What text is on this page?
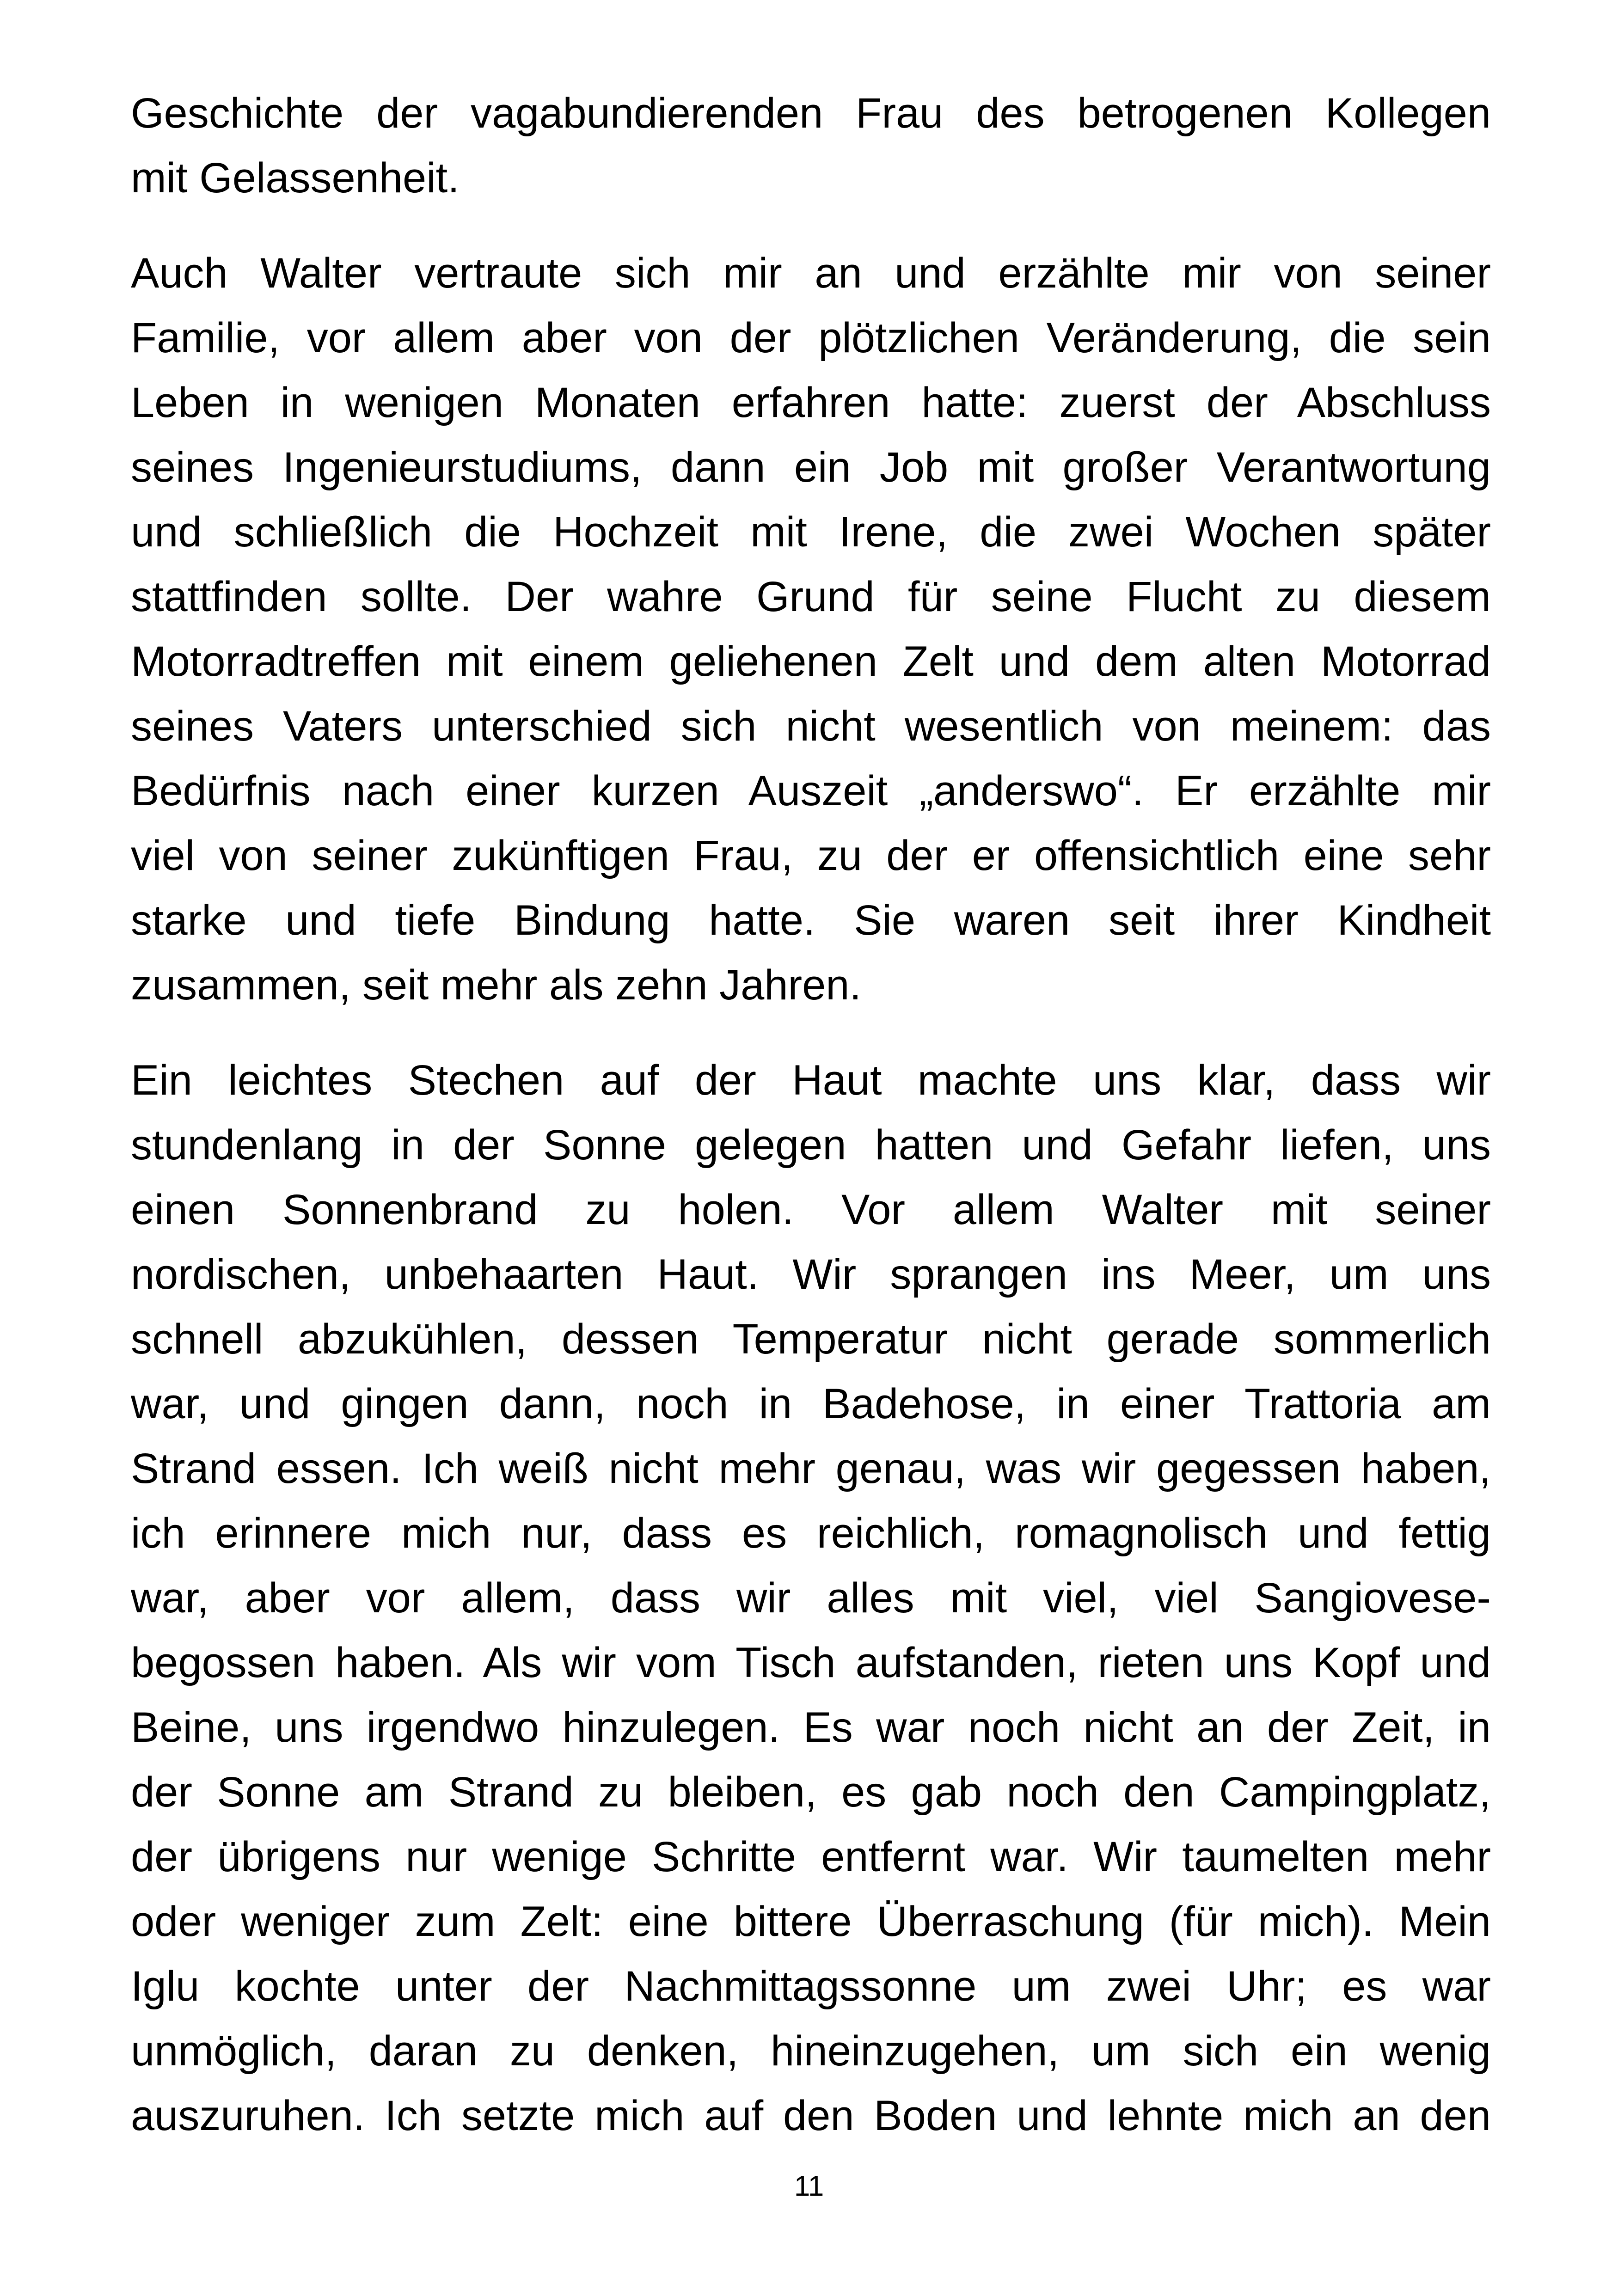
Geschichte der vagabundierenden Frau des betrogenen Kollegen
mit Gelassenheit.

Auch Walter vertraute sich mir an und erzählte mir von seiner
Familie, vor allem aber von der plötzlichen Veränderung, die sein
Leben in wenigen Monaten erfahren hatte: zuerst der Abschluss
seines Ingenieurstudiums, dann ein Job mit großer Verantwortung
und schließlich die Hochzeit mit Irene, die zwei Wochen später
stattfinden sollte. Der wahre Grund für seine Flucht zu diesem
Motorradtreffen mit einem geliehenen Zelt und dem alten Motorrad
seines Vaters unterschied sich nicht wesentlich von meinem: das
Bedürfnis nach einer kurzen Auszeit „anderswo“. Er erzählte mir
viel von seiner zukünftigen Frau, zu der er offensichtlich eine sehr
starke und tiefe Bindung hatte. Sie waren seit ihrer Kindheit
zusammen, seit mehr als zehn Jahren.

Ein leichtes Stechen auf der Haut machte uns klar, dass wir
stundenlang in der Sonne gelegen hatten und Gefahr liefen, uns
einen Sonnenbrand zu holen. Vor allem Walter mit seiner
nordischen, unbehaarten Haut. Wir sprangen ins Meer, um uns
schnell abzukühlen, dessen Temperatur nicht gerade sommerlich
war, und gingen dann, noch in Badehose, in einer Trattoria am
Strand essen. Ich weiß nicht mehr genau, was wir gegessen haben,
ich erinnere mich nur, dass es reichlich, romagnolisch und fettig
war, aber vor allem, dass wir alles mit viel, viel Sangiovese-
begossen haben. Als wir vom Tisch aufstanden, rieten uns Kopf und
Beine, uns irgendwo hinzulegen. Es war noch nicht an der Zeit, in
der Sonne am Strand zu bleiben, es gab noch den Campingplatz,
der übrigens nur wenige Schritte entfernt war. Wir taumelten mehr
oder weniger zum Zelt: eine bittere Überraschung (für mich). Mein
Iglu kochte unter der Nachmittagssonne um zwei Uhr; es war
unmöglich, daran zu denken, hineinzugehen, um sich ein wenig
auszuruhen. Ich setzte mich auf den Boden und lehnte mich an den

11
